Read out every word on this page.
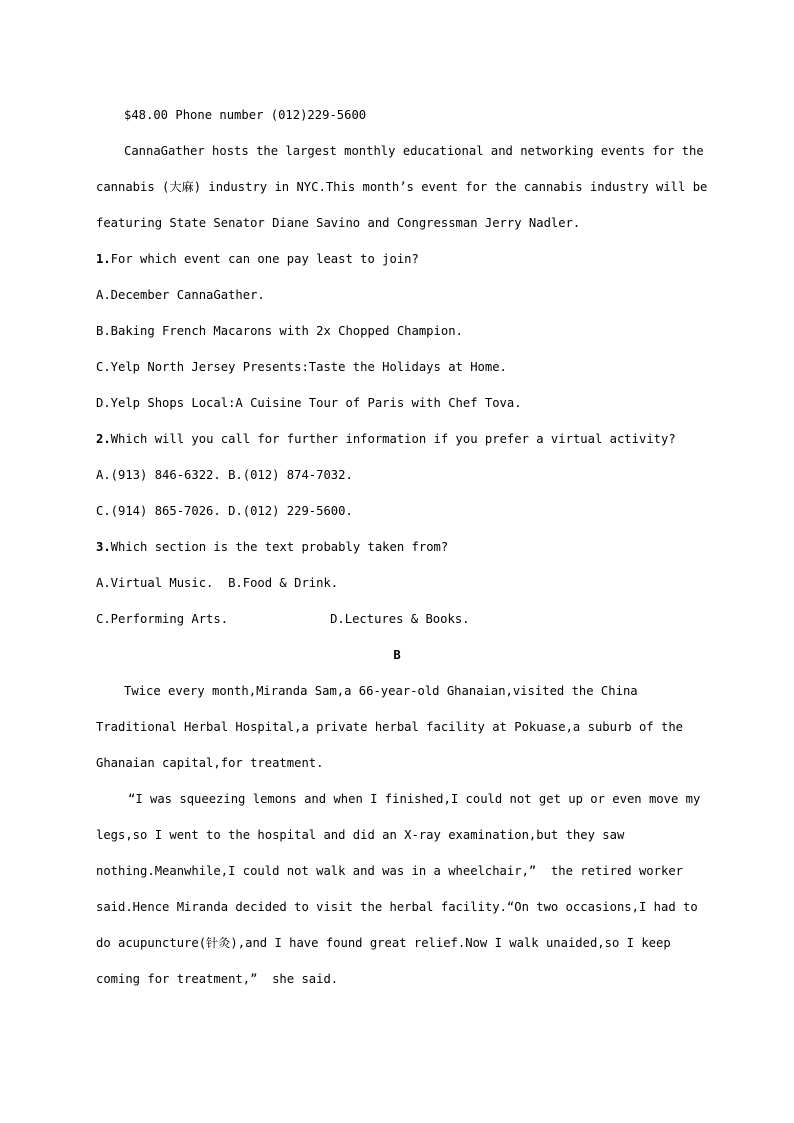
$48.00 Phone number (012)229-5600
CannaGather hosts the largest monthly educational and networking events for the
cannabis (大麻) industry in NYC.This month’s event for the cannabis industry will be
featuring State Senator Diane Savino and Congressman Jerry Nadler.
1.For which event can one pay least to join?
A.December CannaGather.
B.Baking French Macarons with 2x Chopped Champion.
C.Yelp North Jersey Presents:Taste the Holidays at Home.
D.Yelp Shops Local:A Cuisine Tour of Paris with Chef Tova.
2.Which will you call for further information if you prefer a virtual activity?
A.(913) 846-6322. B.(012) 874-7032.
C.(914) 865-7026. D.(012) 229-5600.
3.Which section is the text probably taken from?
A.Virtual Music.  B.Food & Drink.
C.Performing Arts.	D.Lectures & Books.
B
Twice every month,Miranda Sam,a 66-year-old Ghanaian,visited the China
Traditional Herbal Hospital,a private herbal facility at Pokuase,a suburb of the
Ghanaian capital,for treatment.
“I was squeezing lemons and when I finished,I could not get up or even move my
legs,so I went to the hospital and did an X-ray examination,but they saw
nothing.Meanwhile,I could not walk and was in a wheelchair,”  the retired worker
said.Hence Miranda decided to visit the herbal facility.“On two occasions,I had to
do acupuncture(针灸),and I have found great relief.Now I walk unaided,so I keep
coming for treatment,”  she said.
